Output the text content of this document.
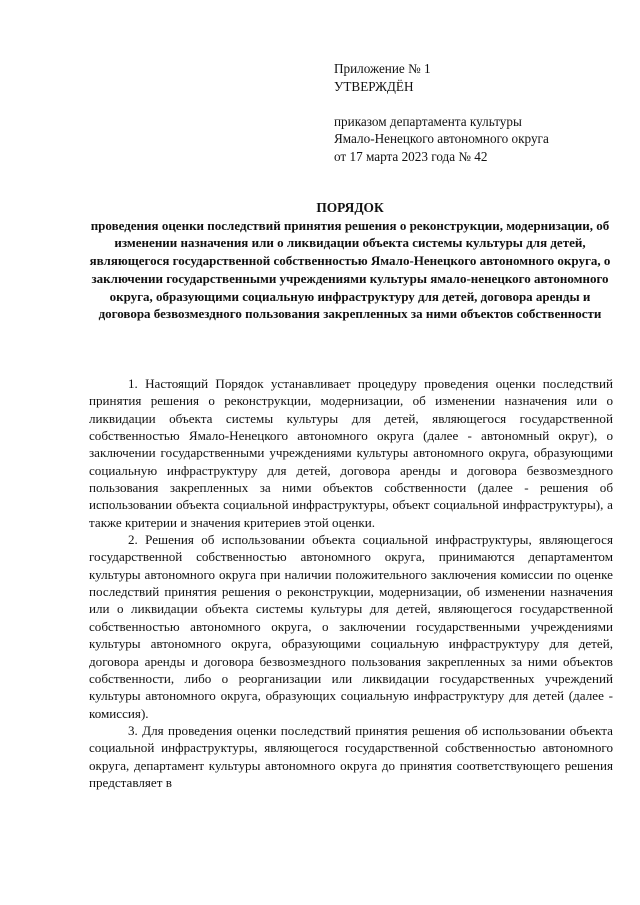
Приложение № 1
УТВЕРЖДЁН
приказом департамента культуры
Ямало-Ненецкого автономного округа
от 17 марта 2023 года № 42
ПОРЯДОК
проведения оценки последствий принятия решения о реконструкции, модернизации, об изменении назначения или о ликвидации объекта системы культуры для детей, являющегося государственной собственностью Ямало-Ненецкого автономного округа, о заключении государственными учреждениями культуры ямало-ненецкого автономного округа, образующими социальную инфраструктуру для детей, договора аренды и договора безвозмездного пользования закрепленных за ними объектов собственности

1. Настоящий Порядок устанавливает процедуру проведения оценки последствий принятия решения о реконструкции, модернизации, об изменении назначения или о ликвидации объекта системы культуры для детей, являющегося государственной собственностью Ямало-Ненецкого автономного округа (далее - автономный округ), о заключении государственными учреждениями культуры автономного округа, образующими социальную инфраструктуру для детей, договора аренды и договора безвозмездного пользования закрепленных за ними объектов собственности (далее - решения об использовании объекта социальной инфраструктуры, объект социальной инфраструктуры), а также критерии и значения критериев этой оценки.

2. Решения об использовании объекта социальной инфраструктуры, являющегося государственной собственностью автономного округа, принимаются департаментом культуры автономного округа при наличии положительного заключения комиссии по оценке последствий принятия решения о реконструкции, модернизации, об изменении назначения или о ликвидации объекта системы культуры для детей, являющегося государственной собственностью автономного округа, о заключении государственными учреждениями культуры автономного округа, образующими социальную инфраструктуру для детей, договора аренды и договора безвозмездного пользования закрепленных за ними объектов собственности, либо о реорганизации или ликвидации государственных учреждений культуры автономного округа, образующих социальную инфраструктуру для детей (далее - комиссия).

3. Для проведения оценки последствий принятия решения об использовании объекта социальной инфраструктуры, являющегося государственной собственностью автономного округа, департамент культуры автономного округа до принятия соответствующего решения представляет в
